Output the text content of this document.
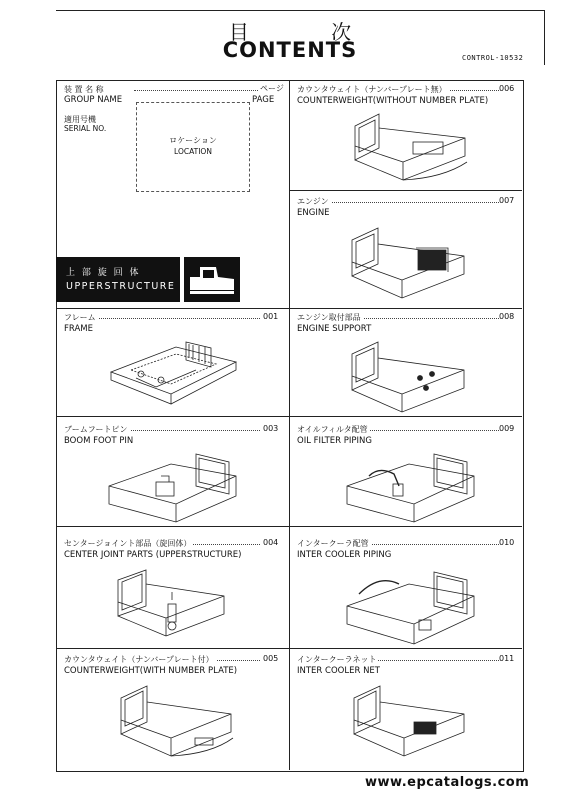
目 次
CONTENTS	CONTROL-10532
装 置 名 称	ページ
GROUP NAME	PAGE
適用号機
SERIAL NO.
ロケーション
LOCATION
上 部 旋 回 体
UPPERSTRUCTURE
フレーム	001
FRAME
ブームフートピン	003
BOOM FOOT PIN
センタージョイント部品（旋回体）	004
CENTER JOINT PARTS (UPPERSTRUCTURE)
カウンタウェイト（ナンバープレート付）	005
COUNTERWEIGHT(WITH NUMBER PLATE)
カウンタウェイト（ナンバープレート無）	006
COUNTERWEIGHT(WITHOUT NUMBER PLATE)
エンジン	007
ENGINE
エンジン取付部品	008
ENGINE SUPPORT
オイルフィルタ配管	009
OIL FILTER PIPING
インタークーラ配管	010
INTER COOLER PIPING
インタークーラネット	011
INTER COOLER NET
www.epcatalogs.com
